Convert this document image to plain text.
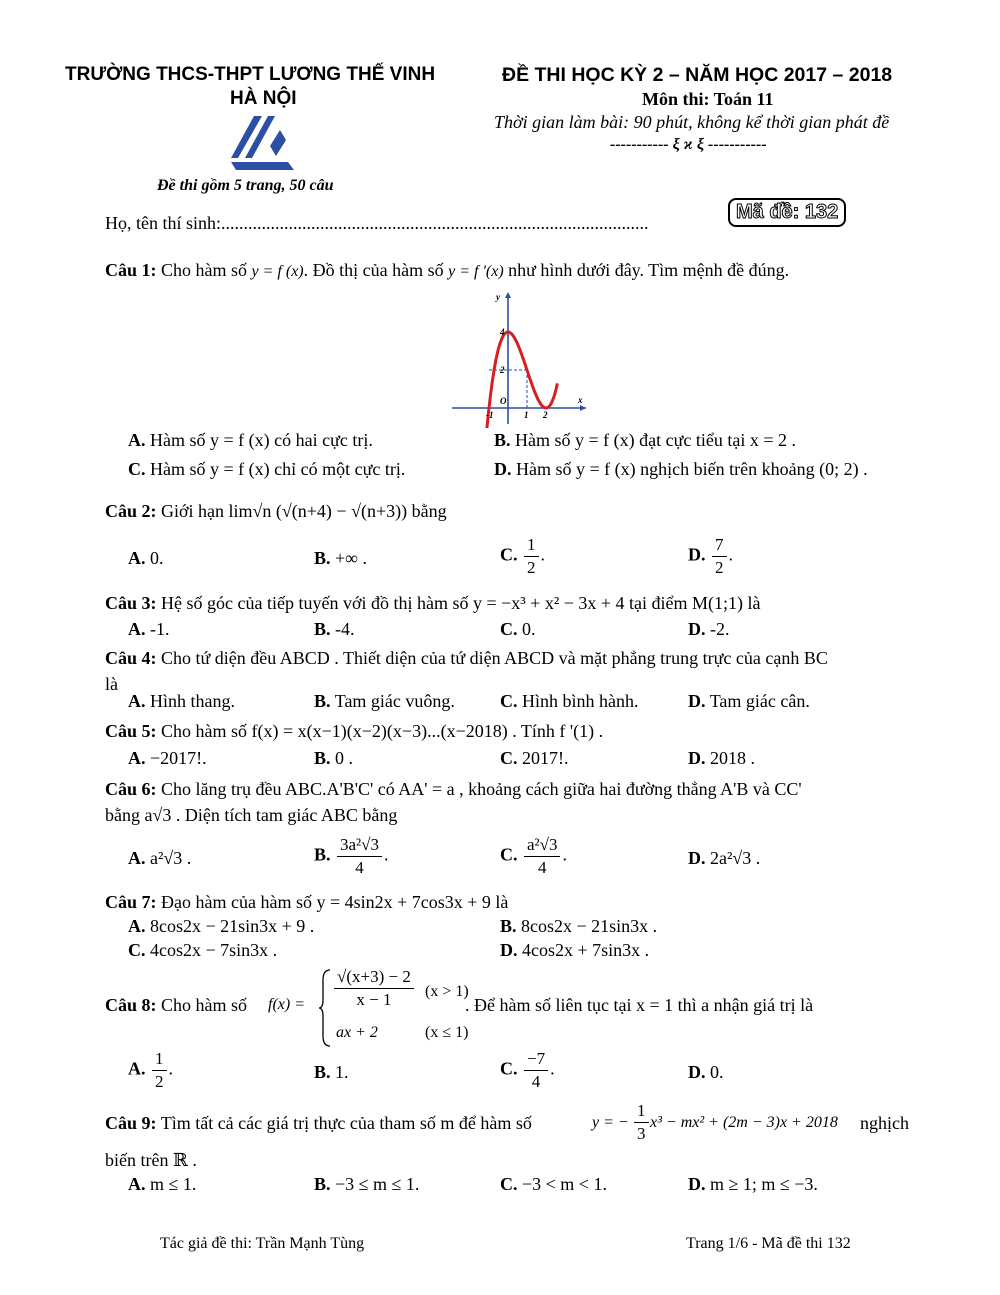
TRƯỜNG THCS-THPT LƯƠNG THẾ VINH
HÀ NỘI
ĐỀ THI HỌC KỲ 2 – NĂM HỌC 2017 – 2018
Môn thi: Toán 11
Thời gian làm bài: 90 phút, không kể thời gian phát đề
----------- ξ ϰ ξ -----------
Đề thi gồm 5 trang, 50 câu
Họ, tên thí sinh:...............................................................................................	Mã đề: 132
Câu 1: Cho hàm số y = f (x). Đồ thị của hàm số y = f '(x) như hình dưới đây. Tìm mệnh đề đúng.
-1	1 2
2
4
O	x
y
A. Hàm số y = f (x) có hai cực trị.	B. Hàm số y = f (x) đạt cực tiểu tại x = 2 .
C. Hàm số y = f (x) chỉ có một cực trị.	D. Hàm số y = f (x) nghịch biến trên khoảng (0; 2) .
Câu 2: Giới hạn lim√n (√(n+4) − √(n+3)) bằng
A. 0.	B. +∞ .	C. $\frac{1}{2}$ .	D. $\frac{7}{2}$ .
Câu 3: Hệ số góc của tiếp tuyến với đồ thị hàm số y = −x³ + x² − 3x + 4 tại điểm M(1;1) là
A. -1.	B. -4.	C. 0.	D. -2.
Câu 4: Cho tứ diện đều ABCD . Thiết diện của tứ diện ABCD và mặt phẳng trung trực của cạnh BC
là
A. Hình thang.	B. Tam giác vuông.	C. Hình bình hành.	D. Tam giác cân.
Câu 5: Cho hàm số f(x) = x(x−1)(x−2)(x−3)...(x−2018) . Tính f '(1) .
A. −2017!.	B. 0 .	C. 2017!.	D. 2018 .
Câu 6: Cho lăng trụ đều ABC.A'B'C' có AA' = a , khoảng cách giữa hai đường thẳng A'B và CC'
bằng a√3 . Diện tích tam giác ABC bằng
A. a²√3 .	B. $\frac{\text{3a²√3}}{4}$ .	C. $\frac{\text{a²√3}}{4}$ .	D. 2a²√3 .
Câu 7: Đạo hàm của hàm số y = 4sin2x + 7cos3x + 9 là
A. 8cos2x − 21sin3x + 9 .	B. 8cos2x − 21sin3x .
C. 4cos2x − 7sin3x .	D. 4cos2x + 7sin3x .
Câu 8: Cho hàm số $f(x) = \frac{√(x+3) - 2}{x - 1} (x > 1)$
ax + 2	(x ≤ 1)
. Để hàm số liên tục tại x = 1 thì a nhận giá trị là
A. $\frac{1}{2}$ .	B. 1.	C. $\frac{-7}{4}$ .	D. 0.
Câu 9: Tìm tất cả các giá trị thực của tham số m để hàm số	y = − $\frac{1}{3} x^3 - mx^2 + (2m - 3)x + 2018$ nghịch
biến trên ℝ .
A. m ≤ 1.	B. −3 ≤ m ≤ 1.	C. −3 < m < 1.	D. m ≥ 1; m ≤ −3.
Tác giả đề thi: Trần Mạnh Tùng	Trang 1/6 - Mã đề thi 132
